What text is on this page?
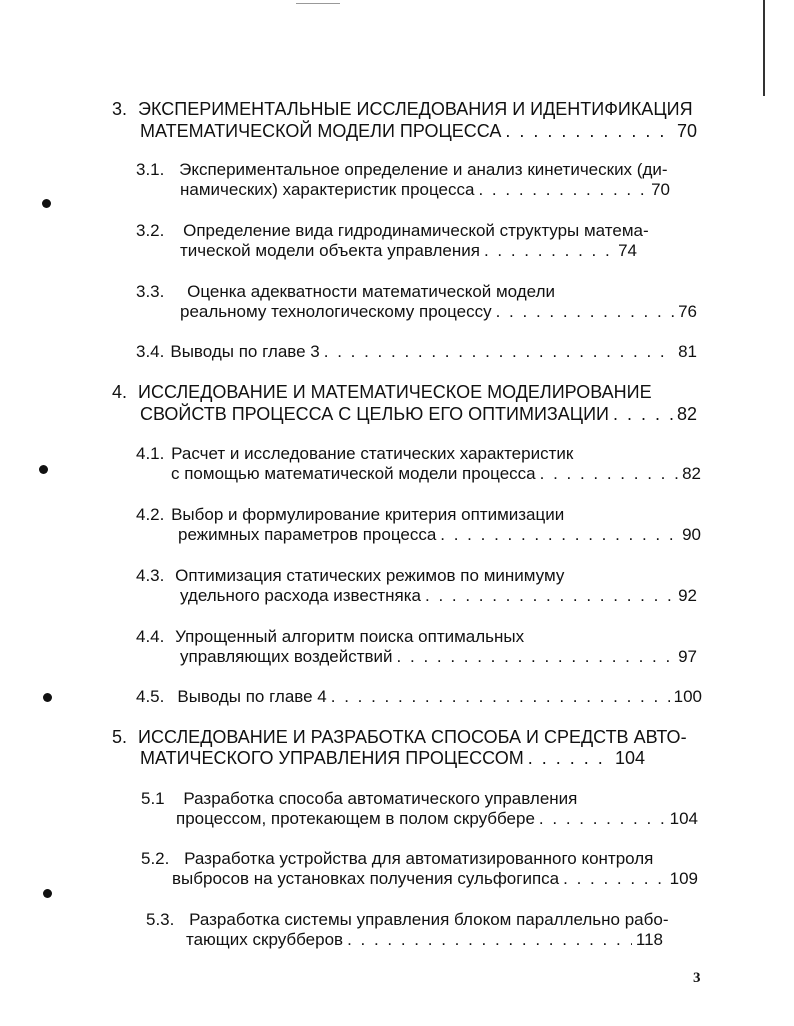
3. ЭКСПЕРИМЕНТАЛЬНЫЕ ИССЛЕДОВАНИЯ И ИДЕНТИФИКАЦИЯ
МАТЕМАТИЧЕСКОЙ МОДЕЛИ ПРОЦЕССА . . .	70
3.1. Экспериментальное определение и анализ кинетических (ди-
намических) характеристик процесса . . .	70
3.2. Определение вида гидродинамической структуры матема-
тической модели объекта управления . . .	74
3.3. Оценка адекватности математической модели
реальному технологическому процессу . . .	76
3.4. Выводы по главе 3 . . .	81
4. ИССЛЕДОВАНИЕ И МАТЕМАТИЧЕСКОЕ МОДЕЛИРОВАНИЕ
СВОЙСТВ ПРОЦЕССА С ЦЕЛЬЮ ЕГО ОПТИМИЗАЦИИ . . .	82
4.1. Расчет и исследование статических характеристик
с помощью математической модели процесса . . .	82
4.2. Выбор и формулирование критерия оптимизации
режимных параметров процесса . . .	90
4.3. Оптимизация статических режимов по минимуму
удельного расхода известняка . . .	92
4.4. Упрощенный алгоритм поиска оптимальных
управляющих воздействий . . .	97
4.5. Выводы по главе 4 . . .	100
5. ИССЛЕДОВАНИЕ И РАЗРАБОТКА СПОСОБА И СРЕДСТВ АВТО-
МАТИЧЕСКОГО УПРАВЛЕНИЯ ПРОЦЕССОМ . . .	104
5.1 Разработка способа автоматического управления
процессом, протекающем в полом скруббере . . .	104
5.2. Разработка устройства для автоматизированного контроля
выбросов на установках получения сульфогипса . . .	109
5.3. Разработка системы управления блоком параллельно рабо-
тающих скрубберов . . .	118
3
